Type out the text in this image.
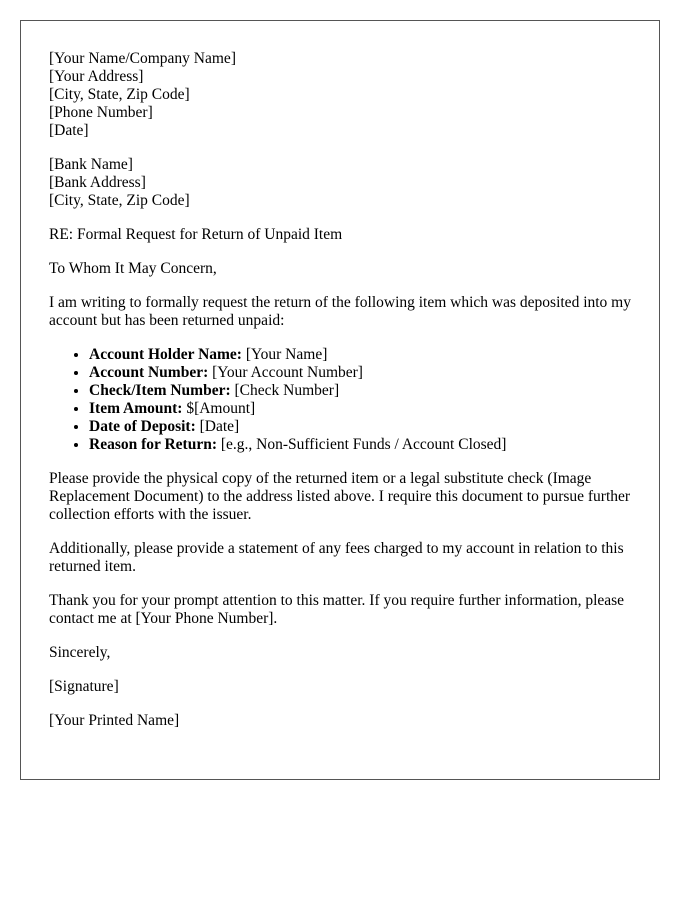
[Your Name/Company Name]
[Your Address]
[City, State, Zip Code]
[Phone Number]
[Date]
[Bank Name]
[Bank Address]
[City, State, Zip Code]

RE: Formal Request for Return of Unpaid Item

To Whom It May Concern,

I am writing to formally request the return of the following item which was deposited into my account but has been returned unpaid:

• Account Holder Name: [Your Name]
• Account Number: [Your Account Number]
• Check/Item Number: [Check Number]
• Item Amount: $[Amount]
• Date of Deposit: [Date]
• Reason for Return: [e.g., Non-Sufficient Funds / Account Closed]

Please provide the physical copy of the returned item or a legal substitute check (Image Replacement Document) to the address listed above. I require this document to pursue further collection efforts with the issuer.

Additionally, please provide a statement of any fees charged to my account in relation to this returned item.

Thank you for your prompt attention to this matter. If you require further information, please contact me at [Your Phone Number].

Sincerely,

[Signature]

[Your Printed Name]
